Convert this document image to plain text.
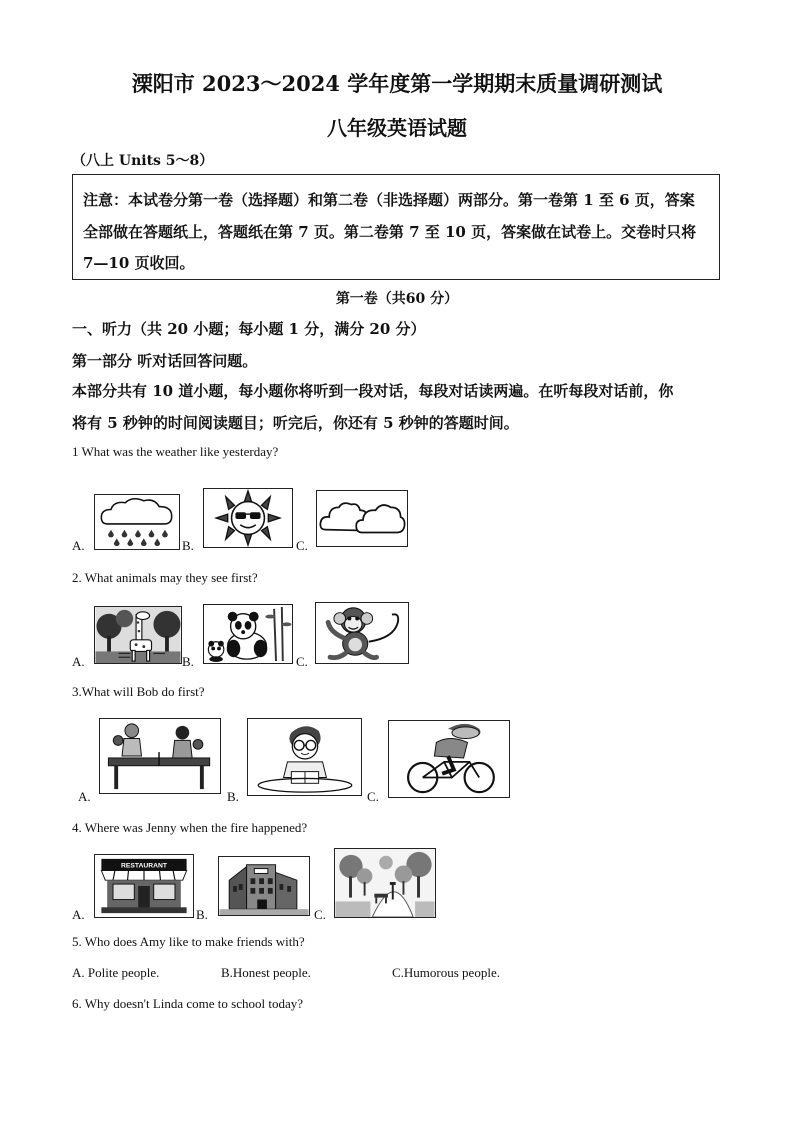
溧阳市 2023～2024 学年度第一学期期末质量调研测试
八年级英语试题
（八上 Units 5～8）
注意：本试卷分第一卷（选择题）和第二卷（非选择题）两部分。第一卷第 1 至 6 页，答案全部做在答题纸上，答题纸在第 7 页。第二卷第 7 至 10 页，答案做在试卷上。交卷时只将 7—10 页收回。
第一卷（共60 分）
一、听力（共 20 小题；每小题 1 分，满分 20 分）
第一部分 听对话回答问题。
本部分共有 10 道小题，每小题你将听到一段对话，每段对话读两遍。在听每段对话前，你
将有 5 秒钟的时间阅读题目；听完后，你还有 5 秒钟的答题时间。
1 What was the weather like yesterday?
A.	B.	C.
2. What animals may they see first?
A.	B.	C.
3.What will Bob do first?
A.	B.	C.
4. Where was Jenny when the fire happened?
RESTAURANT
A.	B.	C.
5. Who does Amy like to make friends with?
A. Polite people.	B.Honest people.	C.Humorous people.
6. Why doesn't Linda come to school today?
